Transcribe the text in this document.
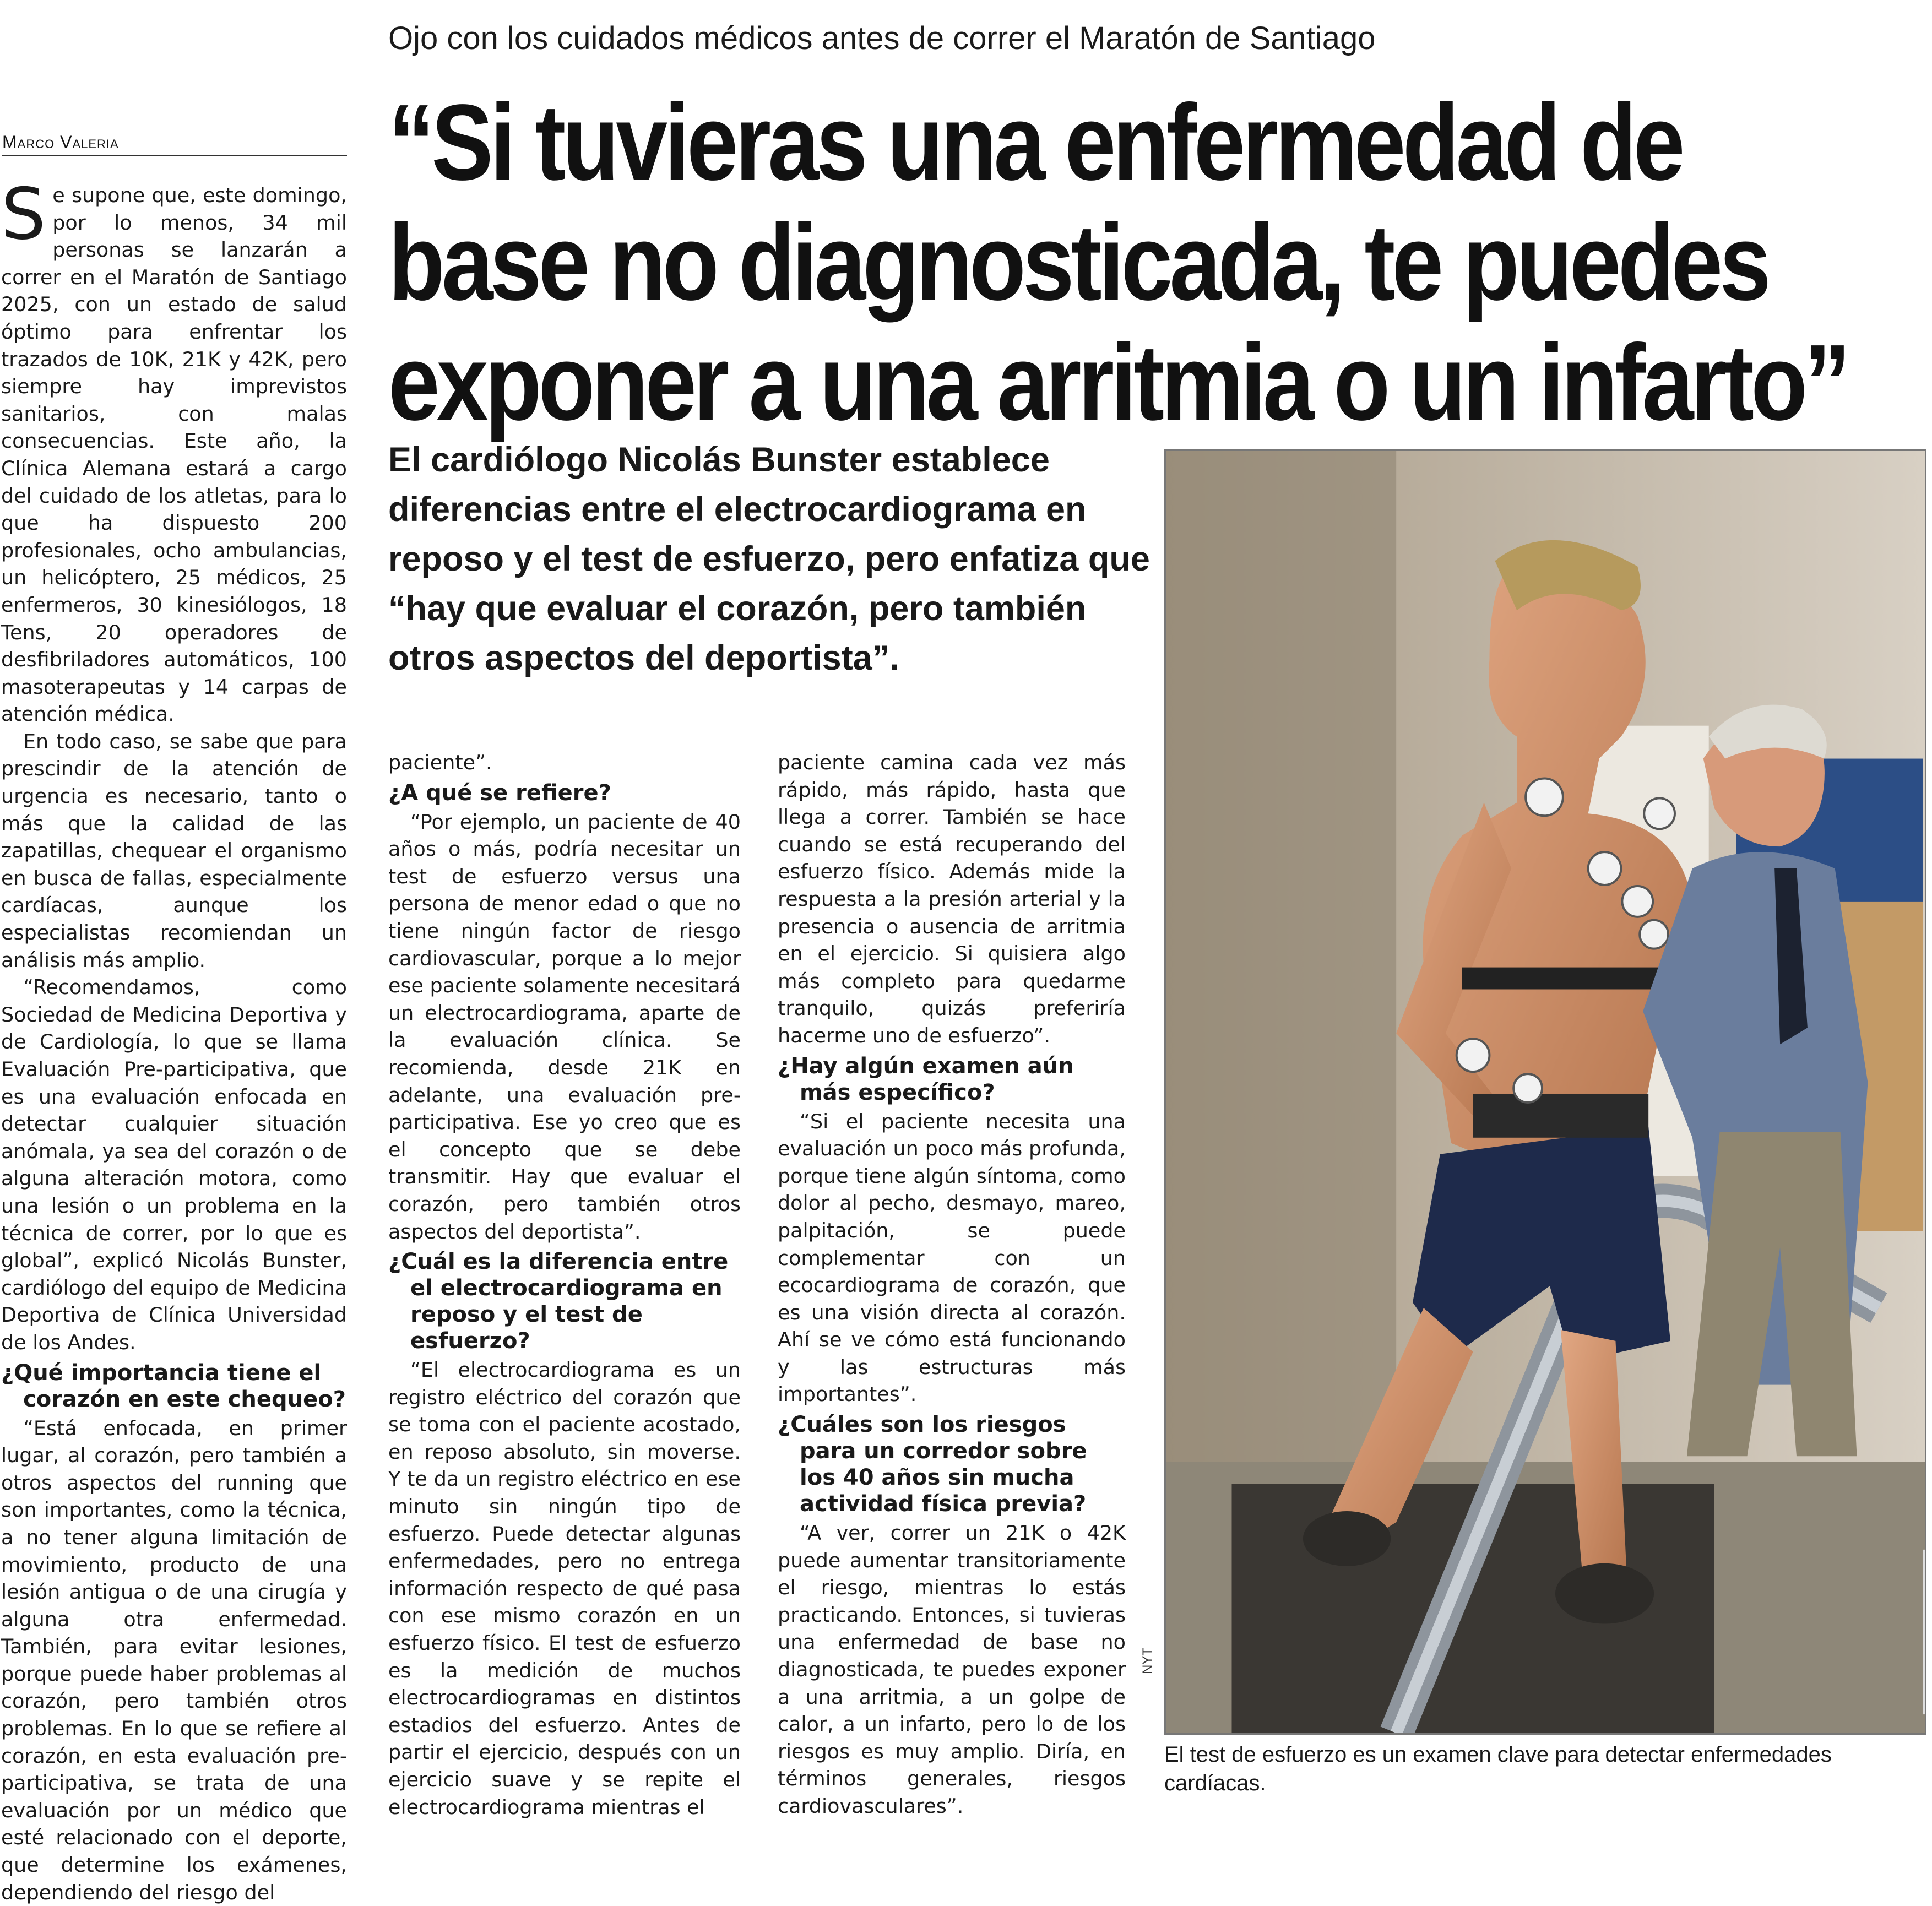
Ojo con los cuidados médicos antes de correr el Maratón de Santiago
Marco Valeria	“Si tuvieras una enfermedad de
base no diagnosticada, te puedes
exponer a una arritmia o un infarto”
El cardiólogo Nicolás Bunster establece diferencias entre el electrocardiograma en reposo y el test de esfuerzo, pero enfatiza que “hay que evaluar el corazón, pero también otros aspectos del deportista”.

Se supone que, este domingo, por lo menos, 34 mil personas se lanzarán a correr en el Maratón de Santiago 2025, con un estado de salud óptimo para enfrentar los trazados de 10K, 21K y 42K, pero siempre hay imprevistos sanitarios, con malas consecuencias. Este año, la Clínica Alemana estará a cargo del cuidado de los atletas, para lo que ha dispuesto 200 profesionales, ocho ambulancias, un helicóptero, 25 médicos, 25 enfermeros, 30 kinesiólogos, 18 Tens, 20 operadores de desfibriladores automáticos, 100 masoterapeutas y 14 carpas de atención médica.

En todo caso, se sabe que para prescindir de la atención de urgencia es necesario, tanto o más que la calidad de las zapatillas, chequear el organismo en busca de fallas, especialmente cardíacas, aunque los especialistas recomiendan un análisis más amplio.

“Recomendamos, como Sociedad de Medicina Deportiva y de Cardiología, lo que se llama Evaluación Pre-participativa, que es una evaluación enfocada en detectar cualquier situación anómala, ya sea del corazón o de alguna alteración motora, como una lesión o un problema en la técnica de correr, por lo que es global”, explicó Nicolás Bunster, cardiólogo del equipo de Medicina Deportiva de Clínica Universidad de los Andes.

¿Qué importancia tiene el corazón en este chequeo?

“Está enfocada, en primer lugar, al corazón, pero también a otros aspectos del running que son importantes, como la técnica, a no tener alguna limitación de movimiento, producto de una lesión antigua o de una cirugía y alguna otra enfermedad. También, para evitar lesiones, porque puede haber problemas al corazón, pero también otros problemas. En lo que se refiere al corazón, en esta evaluación pre-participativa, se trata de una evaluación por un médico que esté relacionado con el deporte, que determine los exámenes, dependiendo del riesgo del

paciente”.

¿A qué se refiere?

“Por ejemplo, un paciente de 40 años o más, podría necesitar un test de esfuerzo versus una persona de menor edad o que no tiene ningún factor de riesgo cardiovascular, porque a lo mejor ese paciente solamente necesitará un electrocardiograma, aparte de la evaluación clínica. Se recomienda, desde 21K en adelante, una evaluación pre-participativa. Ese yo creo que es el concepto que se debe transmitir. Hay que evaluar el corazón, pero también otros aspectos del deportista”.

¿Cuál es la diferencia entre el electrocardiograma en reposo y el test de esfuerzo?

“El electrocardiograma es un registro eléctrico del corazón que se toma con el paciente acostado, en reposo absoluto, sin moverse. Y te da un registro eléctrico en ese minuto sin ningún tipo de esfuerzo. Puede detectar algunas enfermedades, pero no entrega información respecto de qué pasa con ese mismo corazón en un esfuerzo físico. El test de esfuerzo es la medición de muchos electrocardiogramas en distintos estadios del esfuerzo. Antes de partir el ejercicio, después con un ejercicio suave y se repite el electrocardiograma mientras el

paciente camina cada vez más rápido, más rápido, hasta que llega a correr. También se hace cuando se está recuperando del esfuerzo físico. Además mide la respuesta a la presión arterial y la presencia o ausencia de arritmia en el ejercicio. Si quisiera algo más completo para quedarme tranquilo, quizás preferiría hacerme uno de esfuerzo”.

¿Hay algún examen aún más específico?

“Si el paciente necesita una evaluación un poco más profunda, porque tiene algún síntoma, como dolor al pecho, desmayo, mareo, palpitación, se puede complementar con un ecocardiograma de corazón, que es una visión directa al corazón. Ahí se ve cómo está funcionando y las estructuras más importantes”.

¿Cuáles son los riesgos para un corredor sobre los 40 años sin mucha actividad física previa?

“A ver, correr un 21K o 42K puede aumentar transitoriamente el riesgo, mientras lo estás practicando. Entonces, si tuvieras una enfermedad de base no diagnosticada, te puedes exponer a una arritmia, a un golpe de calor, a un infarto, pero lo de los riesgos es muy amplio. Diría, en términos generales, riesgos cardiovasculares”.

NYT
El test de esfuerzo es un examen clave para detectar enfermedades cardíacas.
